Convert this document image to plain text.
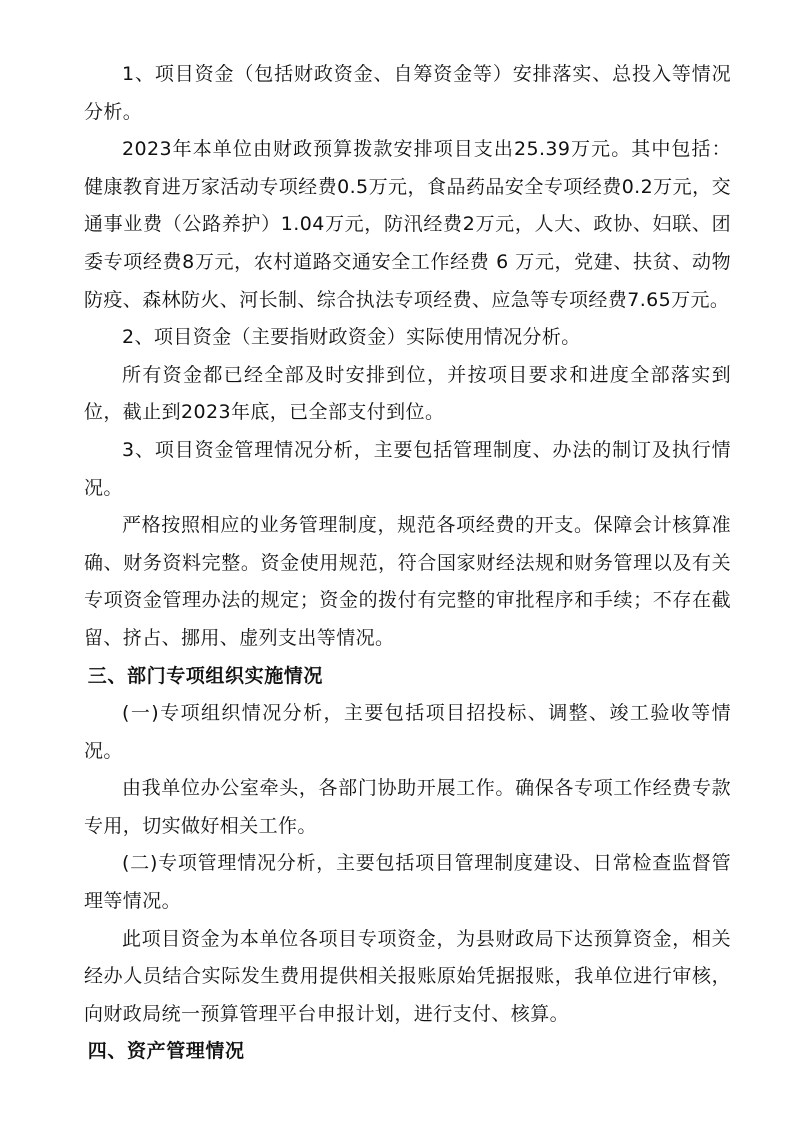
1、项目资金（包括财政资金、自筹资金等）安排落实、总投入等情况分析。

2023年本单位由财政预算拨款安排项目支出25.39万元。其中包括：健康教育进万家活动专项经费0.5万元，食品药品安全专项经费0.2万元，交通事业费（公路养护）1.04万元，防汛经费2万元，人大、政协、妇联、团委专项经费8万元，农村道路交通安全工作经费 6 万元，党建、扶贫、动物防疫、森林防火、河长制、综合执法专项经费、应急等专项经费7.65万元。

2、项目资金（主要指财政资金）实际使用情况分析。

所有资金都已经全部及时安排到位，并按项目要求和进度全部落实到位，截止到2023年底，已全部支付到位。

3、项目资金管理情况分析，主要包括管理制度、办法的制订及执行情况。

严格按照相应的业务管理制度，规范各项经费的开支。保障会计核算准确、财务资料完整。资金使用规范，符合国家财经法规和财务管理以及有关专项资金管理办法的规定；资金的拨付有完整的审批程序和手续；不存在截留、挤占、挪用、虚列支出等情况。

三、部门专项组织实施情况

(一)专项组织情况分析，主要包括项目招投标、调整、竣工验收等情况。

由我单位办公室牵头，各部门协助开展工作。确保各专项工作经费专款专用，切实做好相关工作。

(二)专项管理情况分析，主要包括项目管理制度建设、日常检查监督管理等情况。

此项目资金为本单位各项目专项资金，为县财政局下达预算资金，相关经办人员结合实际发生费用提供相关报账原始凭据报账，我单位进行审核，向财政局统一预算管理平台申报计划，进行支付、核算。

四、资产管理情况
